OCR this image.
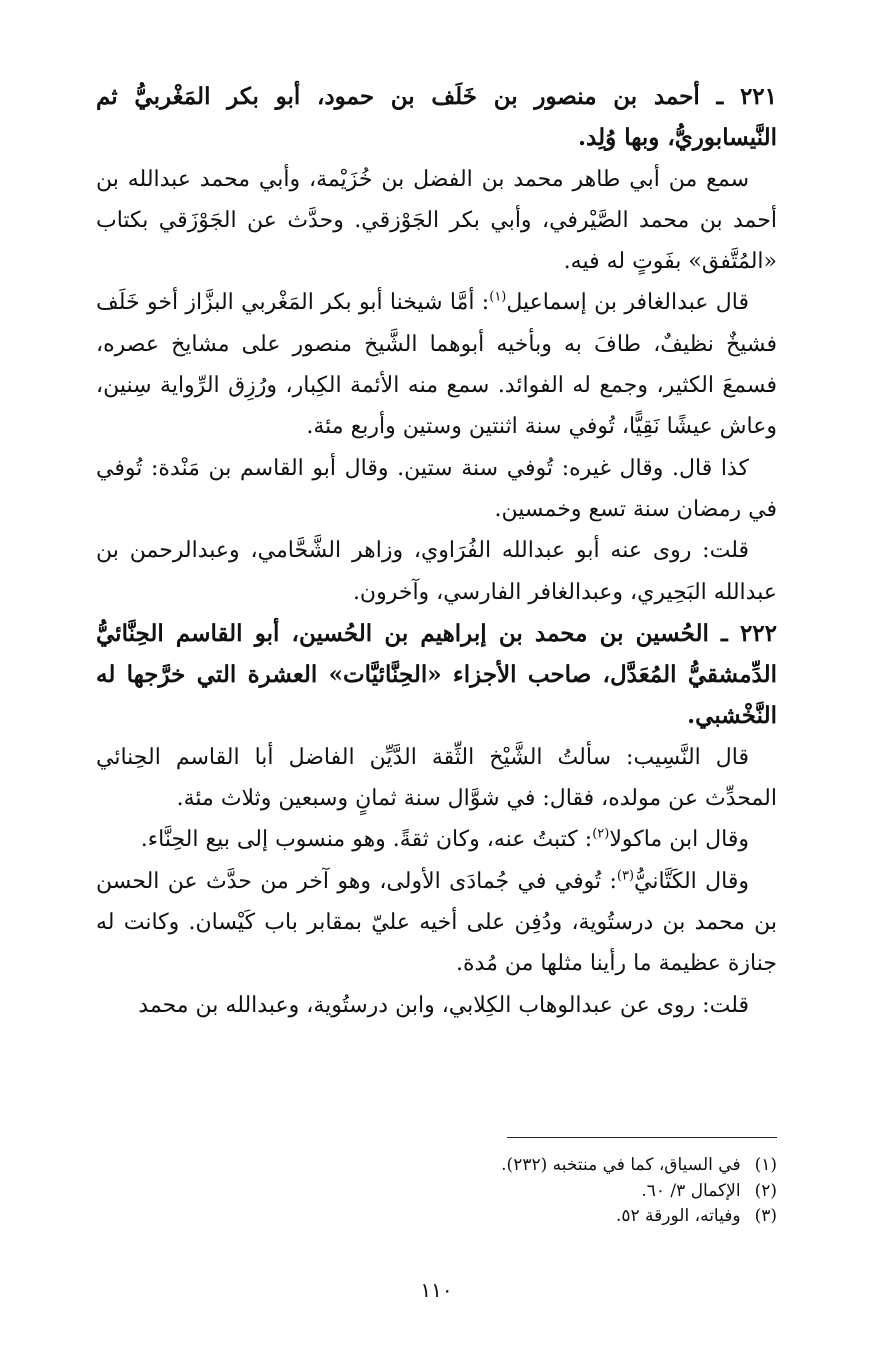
٢٢١ ـ أحمد بن منصور بن خَلَف بن حمود، أبو بكر المَغْربيُّ ثم النَّيسابوريُّ، وبها وُلِد.

سمع من أبي طاهر محمد بن الفضل بن خُزَيْمة، وأبي محمد عبدالله بن أحمد بن محمد الصَّيْرفي، وأبي بكر الجَوْزقي. وحدَّث عن الجَوْزَقي بكتاب «المُتَّفق» بفَوتٍ له فيه.

قال عبدالغافر بن إسماعيل$^{(١)}$: أمَّا شيخنا أبو بكر المَغْربي البزَّاز أخو خَلَف فشيخٌ نظيفٌ، طافَ به وبأخيه أبوهما الشَّيخ منصور على مشايخ عصره، فسمعَ الكثير، وجمع له الفوائد. سمع منه الأئمة الكِبار، ورُزِق الرِّواية سِنين، وعاش عيشًا نَقِيًّا، تُوفي سنة اثنتين وستين وأربع مئة.

كذا قال. وقال غيره: تُوفي سنة ستين. وقال أبو القاسم بن مَنْدة: تُوفي في رمضان سنة تسع وخمسين.

قلت: روى عنه أبو عبدالله الفُرَاوي، وزاهر الشَّحَّامي، وعبدالرحمن بن عبدالله البَحِيري، وعبدالغافر الفارسي، وآخرون.

٢٢٢ ـ الحُسين بن محمد بن إبراهيم بن الحُسين، أبو القاسم الحِنَّائيُّ الدِّمشقيُّ المُعَدَّل، صاحب الأجزاء «الحِنَّائيَّات» العشرة التي خرَّجها له النَّخْشبي.

قال النَّسِيب: سألتُ الشَّيْخ الثِّقة الدَّيِّن الفاضل أبا القاسم الحِنائي المحدِّث عن مولده، فقال: في شوَّال سنة ثمانٍ وسبعين وثلاث مئة.

وقال ابن ماكولا$^{(٢)}$: كتبتُ عنه، وكان ثقةً. وهو منسوب إلى بيع الحِنَّاء.

وقال الكَتَّانيُّ$^{(٣)}$: تُوفي في جُمادَى الأولى، وهو آخر من حدَّث عن الحسن بن محمد بن درستُوية، ودُفِن على أخيه عليّ بمقابر باب كَيْسان. وكانت له جنازة عظيمة ما رأينا مثلها من مُدة.

قلت: روى عن عبدالوهاب الكِلابي، وابن درستُوية، وعبدالله بن محمد

(١)
في السياق، كما في منتخبه (٢٣٢).
(٢)
الإكمال ٣/ ٦٠.
(٣)
وفياته، الورقة ٥٢.
١١٠
